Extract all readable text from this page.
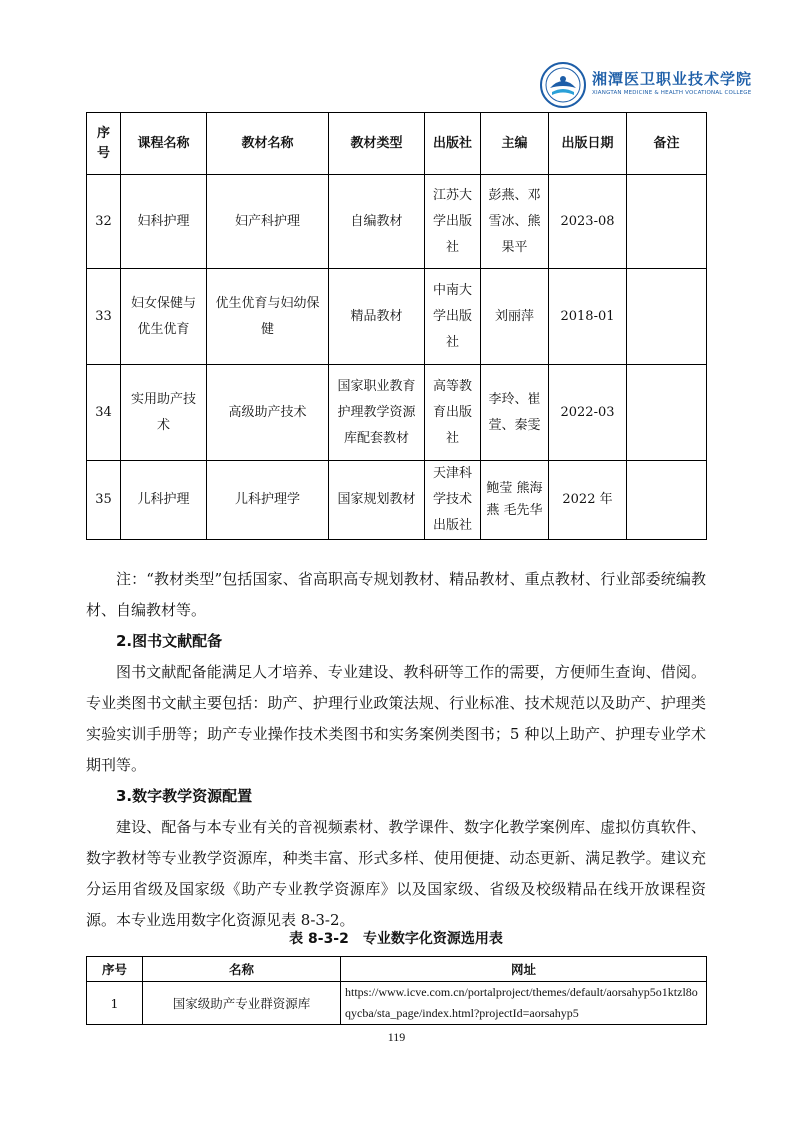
湘潭医卫职业技术学院
XIANGTAN MEDICINE & HEALTH VOCATIONAL COLLEGE
序号	课程名称	教材名称	教材类型	出版社	主编	出版日期	备注
32	妇科护理	妇产科护理	自编教材	江苏大学出版社	彭燕、邓雪冰、熊果平	2023-08	
33	妇女保健与优生优育	优生优育与妇幼保健	精品教材	中南大学出版社	刘丽萍	2018-01	
34	实用助产技术	高级助产技术	国家职业教育护理教学资源库配套教材	高等教育出版社	李玲、崔萱、秦雯	2022-03	
35	儿科护理	儿科护理学	国家规划教材	天津科学技术出版社	鲍莹 熊海燕 毛先华	2022 年	

注：“教材类型”包括国家、省高职高专规划教材、精品教材、重点教材、行业部委统编教材、自编教材等。

2.图书文献配备

图书文献配备能满足人才培养、专业建设、教科研等工作的需要，方便师生查询、借阅。专业类图书文献主要包括：助产、护理行业政策法规、行业标准、技术规范以及助产、护理类实验实训手册等；助产专业操作技术类图书和实务案例类图书；5 种以上助产、护理专业学术期刊等。

3.数字教学资源配置

建设、配备与本专业有关的音视频素材、教学课件、数字化教学案例库、虚拟仿真软件、数字教材等专业教学资源库，种类丰富、形式多样、使用便捷、动态更新、满足教学。建议充分运用省级及国家级《助产专业教学资源库》以及国家级、省级及校级精品在线开放课程资源。本专业选用数字化资源见表 8-3-2。

表 8-3-2　专业数字化资源选用表
序号	名称	网址
1	国家级助产专业群资源库	https://www.icve.com.cn/portalproject/themes/default/aorsahyp5o1ktzl8oqycba/sta_page/index.html?projectId=aorsahyp5
119
